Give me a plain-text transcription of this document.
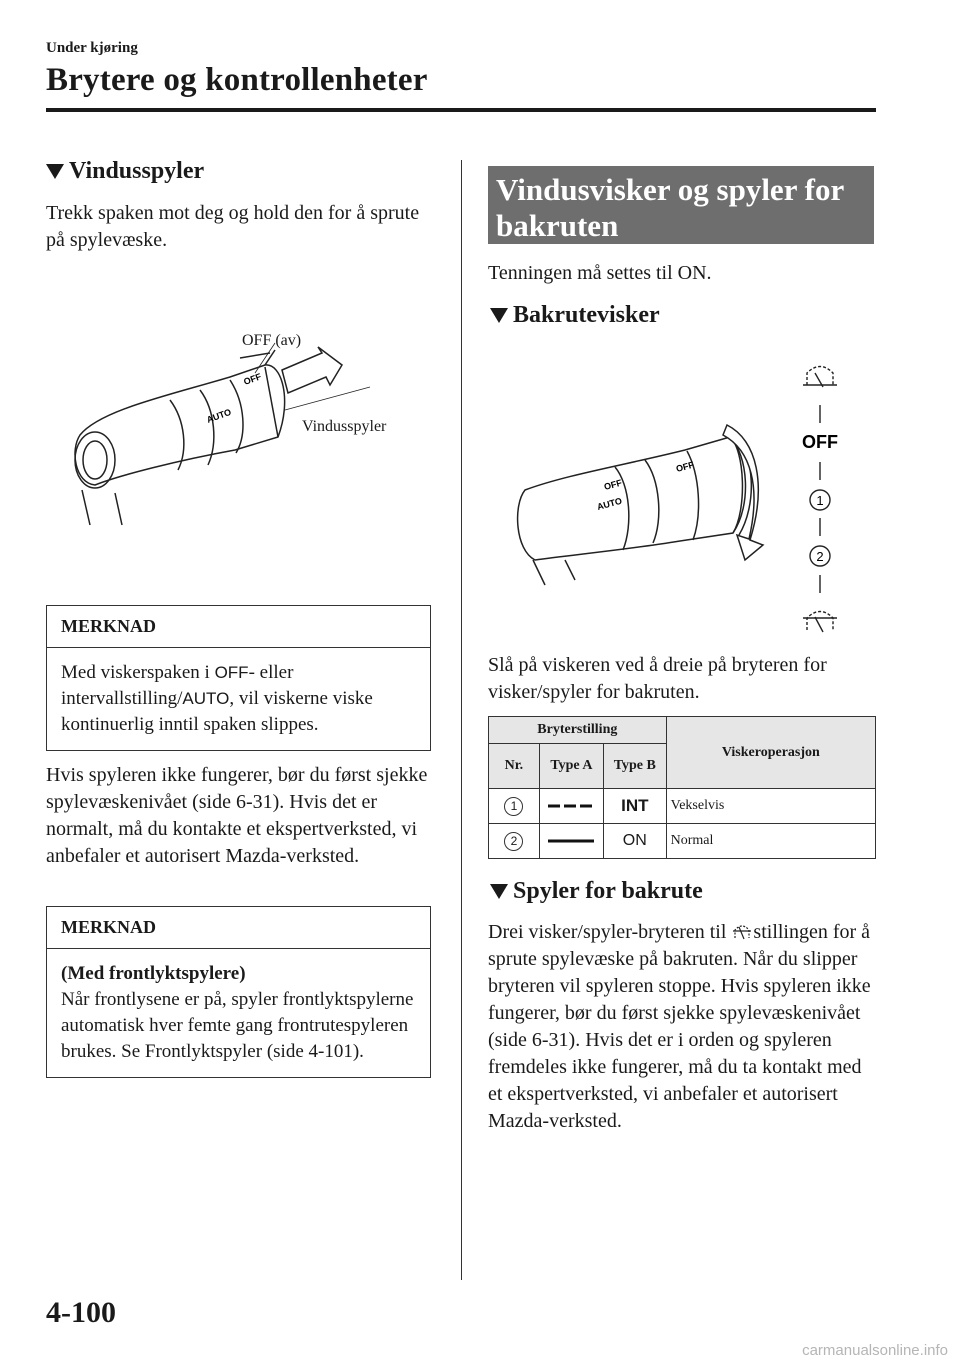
Under kjøring
Brytere og kontrollenheter
Vindusspyler
Trekk spaken mot deg og hold den for å sprute på spylevæske.
AUTO
OFF
OFF (av)
Vindusspyler
MERKNAD
Med viskerspaken i OFF- eller intervallstilling/AUTO, vil viskerne viske kontinuerlig inntil spaken slippes.
Hvis spyleren ikke fungerer, bør du først sjekke spylevæskenivået (side 6-31). Hvis det er normalt, må du kontakte et ekspertverksted, vi anbefaler et autorisert Mazda-verksted.
MERKNAD
(Med frontlyktspylere)
Når frontlysene er på, spyler frontlyktspylerne automatisk hver femte gang frontrutespyleren brukes. Se Frontlyktspyler (side 4-101).
Vindusvisker og spyler for bakruten
Tenningen må settes til ON.
Bakrutevisker
AUTO
OFF
OFF
OFF
1
2
Slå på viskeren ved å dreie på bryteren for visker/spyler for bakruten.
Bryterstilling			Viskeroperasjon
Nr.	Type A	Type B	
1		INT	Vekselvis
2		ON	Normal
Spyler for bakrute
Drei visker/spyler-bryteren til stillingen for å sprute spylevæske på bakruten. Når du slipper bryteren vil spyleren stoppe. Hvis spyleren ikke fungerer, bør du først sjekke spylevæskenivået (side 6-31). Hvis det er i orden og spyleren fremdeles ikke fungerer, må du ta kontakt med et ekspertverksted, vi anbefaler et autorisert Mazda-verksted.
4-100
carmanualsonline.info
